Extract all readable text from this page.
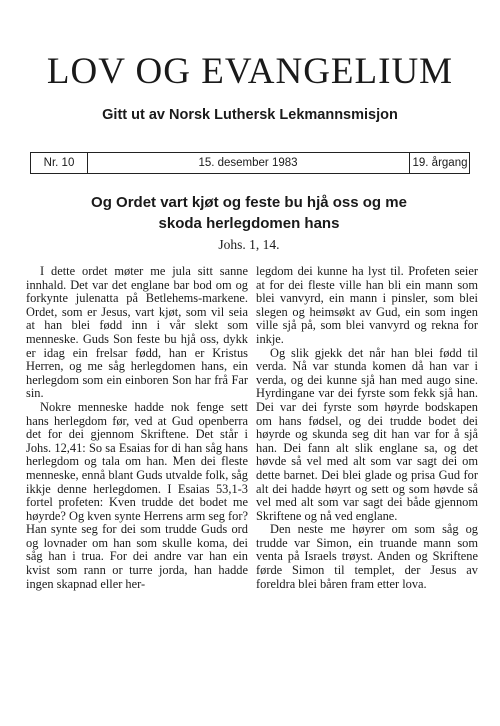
LOV OG EVANGELIUM
Gitt ut av Norsk Luthersk Lekmannsmisjon
Nr. 10	15. desember 1983	19. årgang
Og Ordet vart kjøt og feste bu hjå oss og me
skoda herlegdomen hans
Johs. 1, 14.

I dette ordet møter me jula sitt sanne innhald. Det var det englane bar bod om og forkynte julenatta på Betlehems-markene. Ordet, som er Jesus, vart kjøt, som vil seia at han blei fødd inn i vår slekt som menneske. Guds Son feste bu hjå oss, dykk er idag ein frelsar fødd, han er Kristus Herren, og me såg herlegdomen hans, ein herlegdom som ein einboren Son har frå Far sin.

Nokre menneske hadde nok fenge sett hans herlegdom før, ved at Gud openberra det for dei gjennom Skriftene. Det står i Johs. 12,41: So sa Esaias for di han såg hans herlegdom og tala om han. Men dei fleste menneske, ennå blant Guds utvalde folk, såg ikkje denne herlegdomen. I Esaias 53,1-3 fortel profeten: Kven trudde det bodet me høyrde? Og kven synte Herrens arm seg for? Han synte seg for dei som trudde Guds ord og lovnader om han som skulle koma, dei såg han i trua. For dei andre var han ein kvist som rann or turre jorda, han hadde ingen skapnad eller her-

legdom dei kunne ha lyst til. Profeten seier at for dei fleste ville han bli ein mann som blei vanvyrd, ein mann i pinsler, som blei slegen og heimsøkt av Gud, ein som ingen ville sjå på, som blei vanvyrd og rekna for inkje.

Og slik gjekk det når han blei fødd til verda. Nå var stunda komen då han var i verda, og dei kunne sjå han med augo sine. Hyrdingane var dei fyrste som fekk sjå han. Dei var dei fyrste som høyrde bodskapen om hans fødsel, og dei trudde bodet dei høyrde og skunda seg dit han var for å sjå han. Dei fann alt slik englane sa, og det høvde så vel med alt som var sagt dei om dette barnet. Dei blei glade og prisa Gud for alt dei hadde høyrt og sett og som høvde så vel med alt som var sagt dei både gjennom Skriftene og nå ved englane.

Den neste me høyrer om som såg og trudde var Simon, ein truande mann som venta på Israels trøyst. Anden og Skriftene førde Simon til templet, der Jesus av foreldra blei båren fram etter lova.
